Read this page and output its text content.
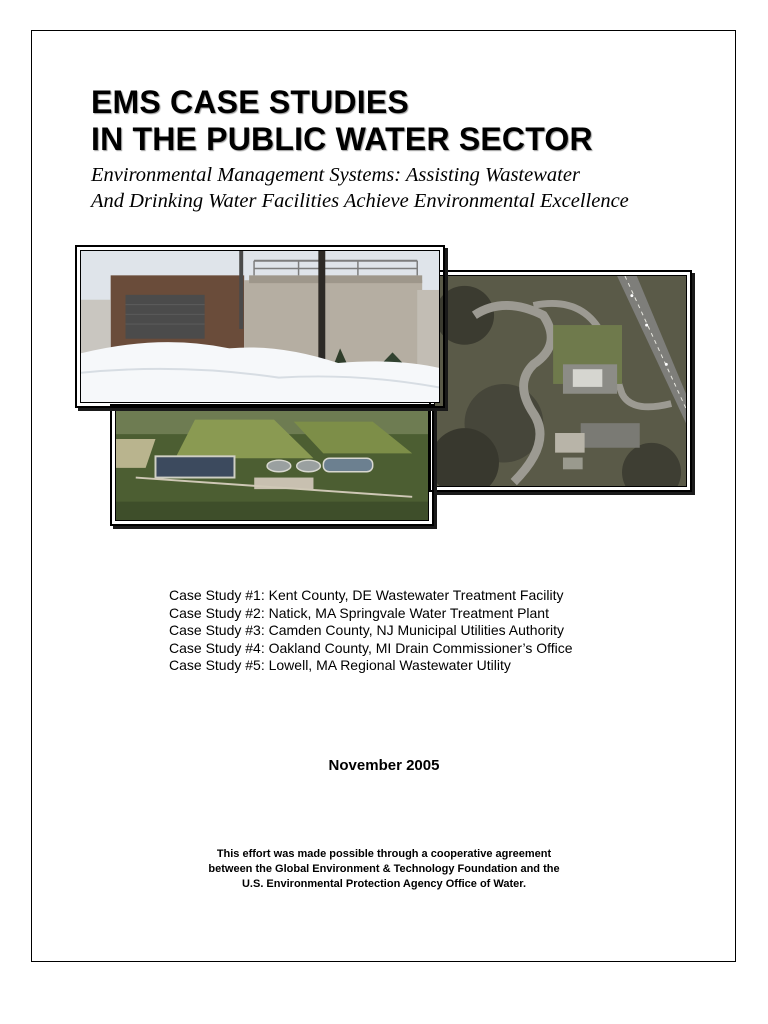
EMS CASE STUDIES
IN THE PUBLIC WATER SECTOR

Environmental Management Systems: Assisting Wastewater
And Drinking Water Facilities Achieve Environmental Excellence

Case Study #1: Kent County, DE Wastewater Treatment Facility
Case Study #2: Natick, MA Springvale Water Treatment Plant
Case Study #3: Camden County, NJ Municipal Utilities Authority
Case Study #4: Oakland County, MI Drain Commissioner’s Office
Case Study #5: Lowell, MA Regional Wastewater Utility
November 2005
This effort was made possible through a cooperative agreement
between the Global Environment & Technology Foundation and the
U.S. Environmental Protection Agency Office of Water.
